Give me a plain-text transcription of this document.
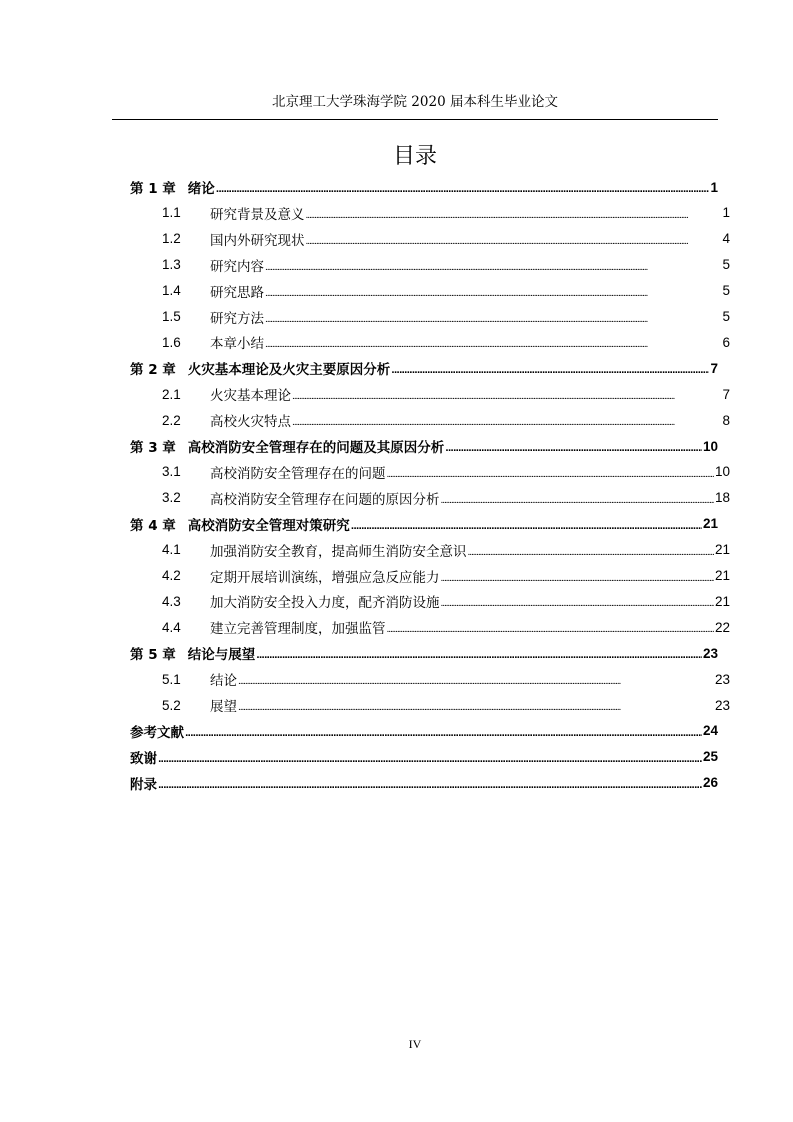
北京理工大学珠海学院 2020 届本科生毕业论文
目录
第 1 章 绪论 . . .	1
1.1	研究背景及意义 . . .	1
1.2	国内外研究现状 . . .	4
1.3	研究内容 . . .	5
1.4	研究思路 . . .	5
1.5	研究方法 . . .	5
1.6	本章小结 . . .	6
第 2 章 火灾基本理论及火灾主要原因分析 . . .	7
2.1	火灾基本理论 . . .	7
2.2	高校火灾特点 . . .	8
第 3 章 高校消防安全管理存在的问题及其原因分析 . . .	10
3.1	高校消防安全管理存在的问题 . . .	10
3.2	高校消防安全管理存在问题的原因分析 . . .	18
第 4 章 高校消防安全管理对策研究 . . .	21
4.1	加强消防安全教育，提高师生消防安全意识 . . .	21
4.2	定期开展培训演练，增强应急反应能力 . . .	21
4.3	加大消防安全投入力度，配齐消防设施 . . .	21
4.4	建立完善管理制度，加强监管 . . .	22
第 5 章 结论与展望 . . .	23
5.1	结论 . . .	23
5.2	展望 . . .	23
参考文献 . . .	24
致谢 . . .	25
附录 . . .	26
IV
